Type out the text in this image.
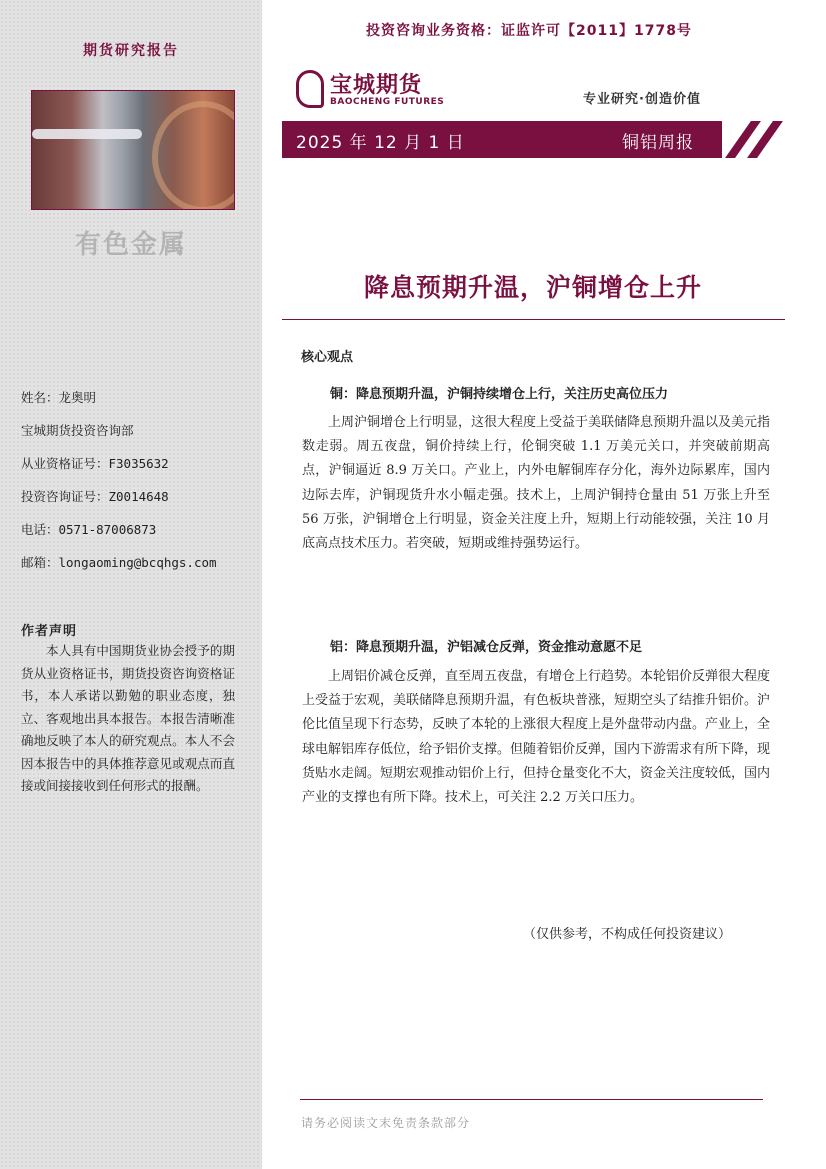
期货研究报告
有色金属
姓名：龙奥明
宝城期货投资咨询部
从业资格证号：F3035632
投资咨询证号：Z0014648
电话：0571-87006873
邮箱：longaoming@bcqhgs.com
作者声明
本人具有中国期货业协会授予的期货从业资格证书，期货投资咨询资格证书，本人承诺以勤勉的职业态度，独立、客观地出具本报告。本报告清晰准确地反映了本人的研究观点。本人不会因本报告中的具体推荐意见或观点而直接或间接接收到任何形式的报酬。
投资咨询业务资格：证监许可【2011】1778号
宝城期货
BAOCHENG FUTURES	专业研究·创造价值
2025 年 12 月 1 日	铜铝周报
降息预期升温，沪铜增仓上升
核心观点
铜：降息预期升温，沪铜持续增仓上行，关注历史高位压力
上周沪铜增仓上行明显，这很大程度上受益于美联储降息预期升温以及美元指数走弱。周五夜盘，铜价持续上行，伦铜突破 1.1 万美元关口，并突破前期高点，沪铜逼近 8.9 万关口。产业上，内外电解铜库存分化，海外边际累库，国内边际去库，沪铜现货升水小幅走强。技术上，上周沪铜持仓量由 51 万张上升至 56 万张，沪铜增仓上行明显，资金关注度上升，短期上行动能较强，关注 10 月底高点技术压力。若突破，短期或维持强势运行。
铝：降息预期升温，沪铝减仓反弹，资金推动意愿不足
上周铝价减仓反弹，直至周五夜盘，有增仓上行趋势。本轮铝价反弹很大程度上受益于宏观，美联储降息预期升温，有色板块普涨，短期空头了结推升铝价。沪伦比值呈现下行态势，反映了本轮的上涨很大程度上是外盘带动内盘。产业上，全球电解铝库存低位，给予铝价支撑。但随着铝价反弹，国内下游需求有所下降，现货贴水走阔。短期宏观推动铝价上行，但持仓量变化不大，资金关注度较低，国内产业的支撑也有所下降。技术上，可关注 2.2 万关口压力。
（仅供参考，不构成任何投资建议）
请务必阅读文末免责条款部分
